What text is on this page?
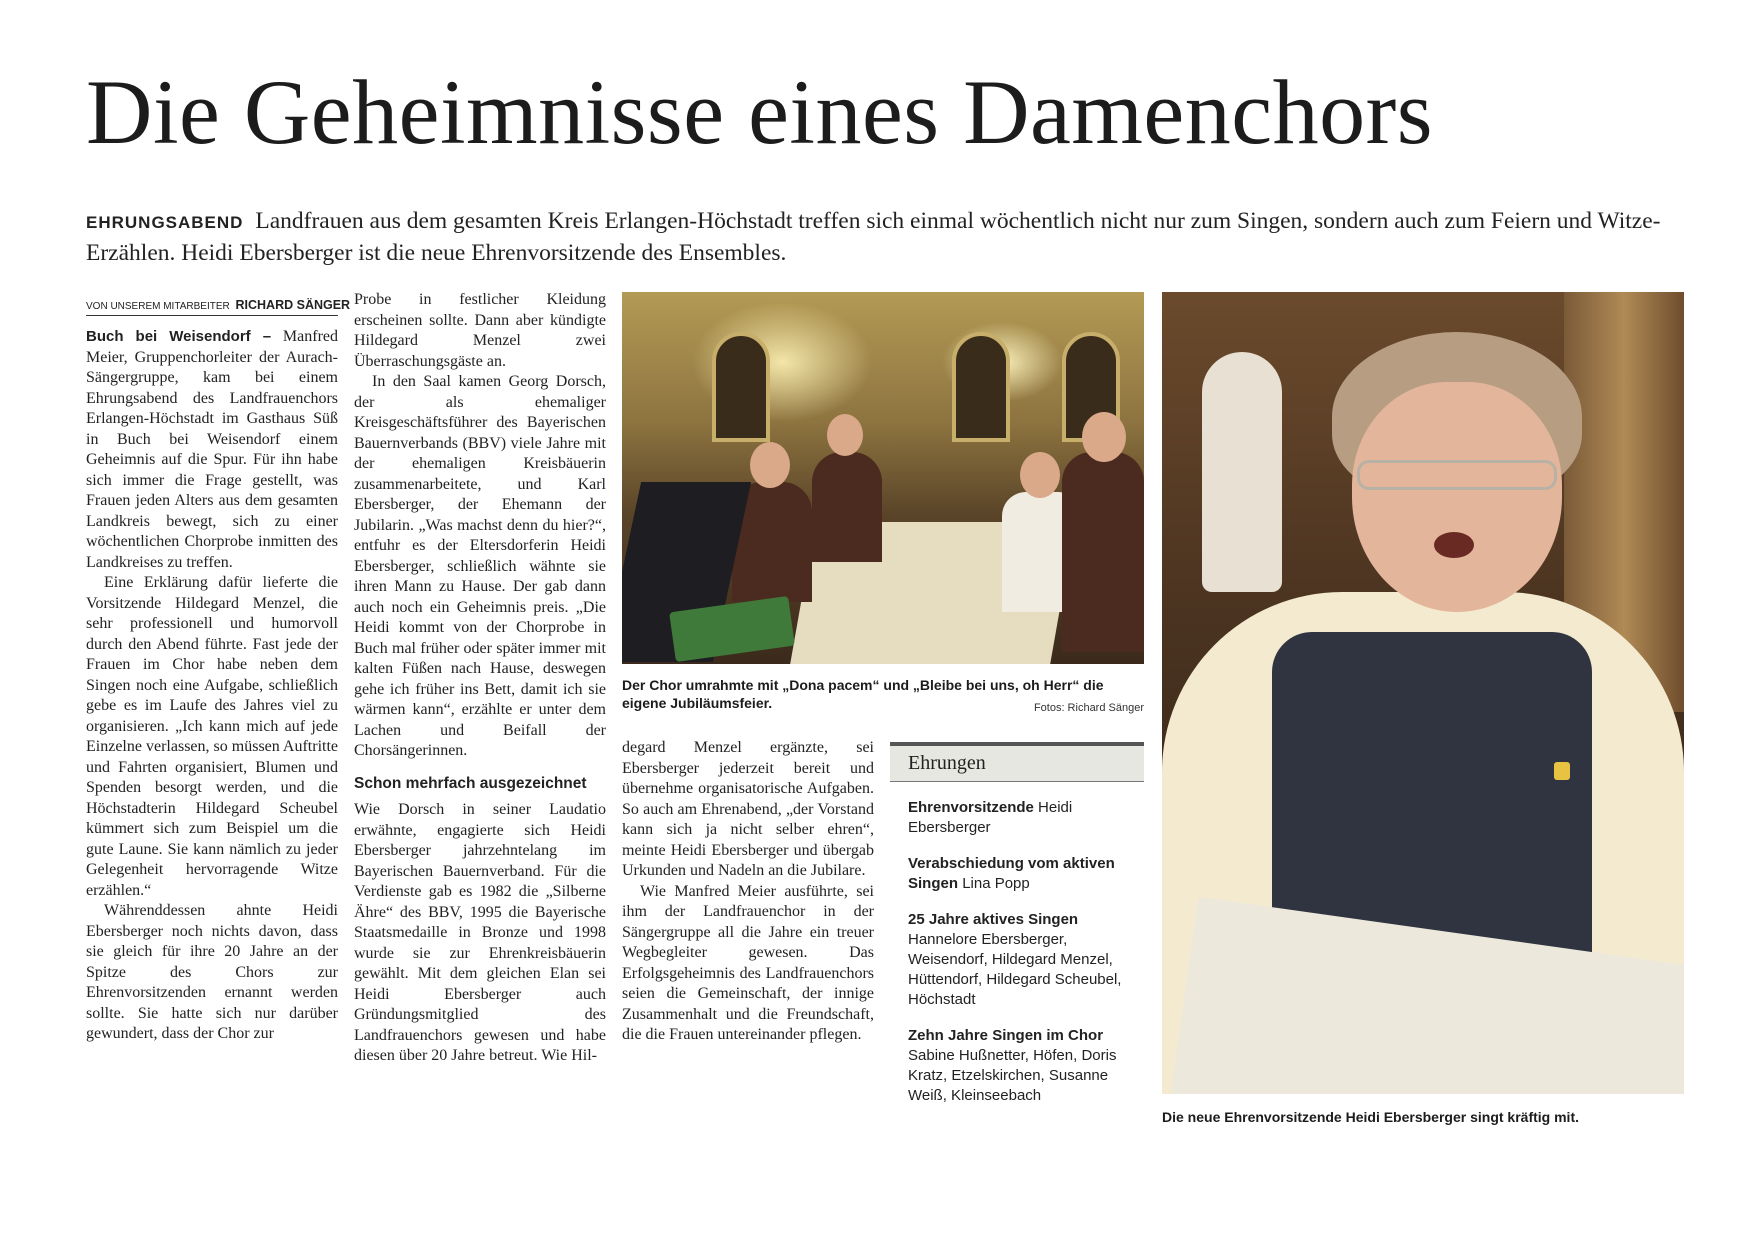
Die Geheimnisse eines Damenchors
EHRUNGSABEND Landfrauen aus dem gesamten Kreis Erlangen-Höchstadt treffen sich einmal wöchentlich nicht nur zum Singen, sondern auch zum Feiern und Witze-Erzählen. Heidi Ebersberger ist die neue Ehrenvorsitzende des Ensembles.
VON UNSEREM MITARBEITER RICHARD SÄNGER

Buch bei Weisendorf – Manfred Meier, Gruppenchorleiter der Aurach-Sängergruppe, kam bei einem Ehrungsabend des Landfrauenchors Erlangen-Höchstadt im Gasthaus Süß in Buch bei Weisendorf einem Geheimnis auf die Spur. Für ihn habe sich immer die Frage gestellt, was Frauen jeden Alters aus dem gesamten Landkreis bewegt, sich zu einer wöchentlichen Chorprobe inmitten des Landkreises zu treffen.

Eine Erklärung dafür lieferte die Vorsitzende Hildegard Menzel, die sehr professionell und humorvoll durch den Abend führte. Fast jede der Frauen im Chor habe neben dem Singen noch eine Aufgabe, schließlich gebe es im Laufe des Jahres viel zu organisieren. „Ich kann mich auf jede Einzelne verlassen, so müssen Auftritte und Fahrten organisiert, Blumen und Spenden besorgt werden, und die Höchstadterin Hildegard Scheubel kümmert sich zum Beispiel um die gute Laune. Sie kann nämlich zu jeder Gelegenheit hervorragende Witze erzählen.“

Währenddessen ahnte Heidi Ebersberger noch nichts davon, dass sie gleich für ihre 20 Jahre an der Spitze des Chors zur Ehrenvorsitzenden ernannt werden sollte. Sie hatte sich nur darüber gewundert, dass der Chor zur

Probe in festlicher Kleidung erscheinen sollte. Dann aber kündigte Hildegard Menzel zwei Überraschungsgäste an.

In den Saal kamen Georg Dorsch, der als ehemaliger Kreisgeschäftsführer des Bayerischen Bauernverbands (BBV) viele Jahre mit der ehemaligen Kreisbäuerin zusammenarbeitete, und Karl Ebersberger, der Ehemann der Jubilarin. „Was machst denn du hier?“, entfuhr es der Eltersdorferin Heidi Ebersberger, schließlich wähnte sie ihren Mann zu Hause. Der gab dann auch noch ein Geheimnis preis. „Die Heidi kommt von der Chorprobe in Buch mal früher oder später immer mit kalten Füßen nach Hause, deswegen gehe ich früher ins Bett, damit ich sie wärmen kann“, erzählte er unter dem Lachen und Beifall der Chorsängerinnen.

Schon mehrfach ausgezeichnet

Wie Dorsch in seiner Laudatio erwähnte, engagierte sich Heidi Ebersberger jahrzehntelang im Bayerischen Bauernverband. Für die Verdienste gab es 1982 die „Silberne Ähre“ des BBV, 1995 die Bayerische Staatsmedaille in Bronze und 1998 wurde sie zur Ehrenkreisbäuerin gewählt. Mit dem gleichen Elan sei Heidi Ebersberger auch Gründungsmitglied des Landfrauenchors gewesen und habe diesen über 20 Jahre betreut. Wie Hil-

degard Menzel ergänzte, sei Ebersberger jederzeit bereit und übernehme organisatorische Aufgaben. So auch am Ehrenabend, „der Vorstand kann sich ja nicht selber ehren“, meinte Heidi Ebersberger und übergab Urkunden und Nadeln an die Jubilare.

Wie Manfred Meier ausführte, sei ihm der Landfrauenchor in der Sängergruppe all die Jahre ein treuer Wegbegleiter gewesen. Das Erfolgsgeheimnis des Landfrauenchors seien die Gemeinschaft, der innige Zusammenhalt und die Freundschaft, die die Frauen untereinander pflegen.

Der Chor umrahmte mit „Dona pacem“ und „Bleibe bei uns, oh Herr“ die eigene Jubiläumsfeier.	Fotos: Richard Sänger
Ehrungen
Ehrenvorsitzende Heidi Ebersberger
Verabschiedung vom aktiven Singen Lina Popp
25 Jahre aktives Singen
Hannelore Ebersberger, Weisendorf, Hildegard Menzel, Hüttendorf, Hildegard Scheubel, Höchstadt
Zehn Jahre Singen im Chor
Sabine Hußnetter, Höfen, Doris Kratz, Etzelskirchen, Susanne Weiß, Kleinseebach
Die neue Ehrenvorsitzende Heidi Ebersberger singt kräftig mit.
